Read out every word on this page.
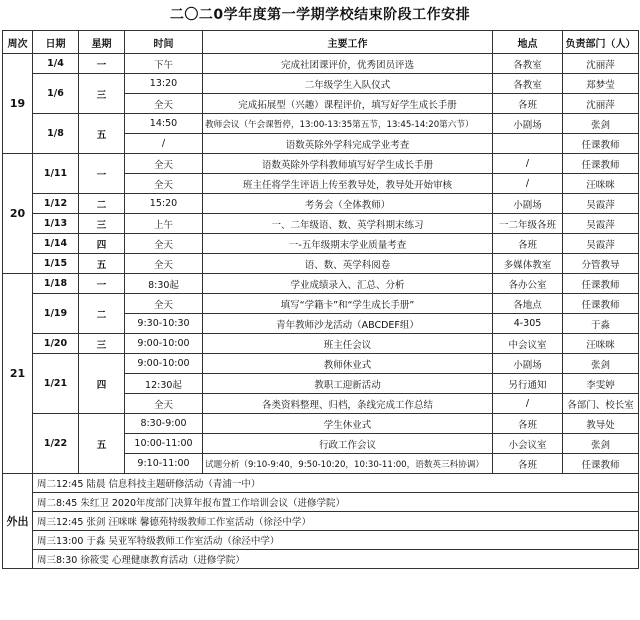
二〇二0学年度第一学期学校结束阶段工作安排
周次	日期	星期	时间	主要工作	地点	负责部门（人）
19	1/4	一	下午	完成社团课评价，优秀团员评选	各教室	沈丽萍
	1/6	三	13:20	二年级学生入队仪式	各教室	郑梦莹
			全天	完成拓展型（兴趣）课程评价，填写好学生成长手册	各班	沈丽萍
	1/8	五	14:50	教师会议（午会课暂停，13:00-13:35第五节，13:45-14:20第六节）	小剧场	张剑
			/	语数英除外学科完成学业考查		任课教师
20	1/11	一	全天	语数英除外学科教师填写好学生成长手册	/	任课教师
			全天	班主任将学生评语上传至教导处，教导处开始审核	/	汪咪咪
	1/12	二	15:20	考务会（全体教师）	小剧场	吴霞萍
	1/13	三	上午	一、二年级语、数、英学科期末练习	一二年级各班	吴霞萍
	1/14	四	全天	一-五年级期末学业质量考查	各班	吴霞萍
	1/15	五	全天	语、数、英学科阅卷	多媒体教室	分管教导
21	1/18	一	8:30起	学业成绩录入、汇总、分析	各办公室	任课教师
	1/19	二	全天	填写“学籍卡”和“学生成长手册”	各地点	任课教师
			9:30-10:30	青年教师沙龙活动（ABCDEF组）	4-305	于淼
	1/20	三	9:00-10:00	班主任会议	中会议室	汪咪咪
	1/21	四	9:00-10:00	教师休业式	小剧场	张剑
			12:30起	教职工迎新活动	另行通知	李雯婷
			全天	各类资料整理、归档，条线完成工作总结	/	各部门、校长室
	1/22	五	8:30-9:00	学生休业式	各班	教导处
			10:00-11:00	行政工作会议	小会议室	张剑
			9:10-11:00	试题分析（9:10-9:40，9:50-10:20，10:30-11:00，语数英三科协调）	各班	任课教师
外出	周二12:45 陆晨 信息科技主题研修活动（青浦一中）					
	周二8:45 朱红卫 2020年度部门决算年报布置工作培训会议（进修学院）					
	周三12:45 张剑 汪咪咪 馨德苑特级教师工作室活动（徐泾中学）					
	周三13:00 于淼 吴亚军特级教师工作室活动（徐泾中学）					
	周三8:30 徐筱雯 心理健康教育活动（进修学院）					
